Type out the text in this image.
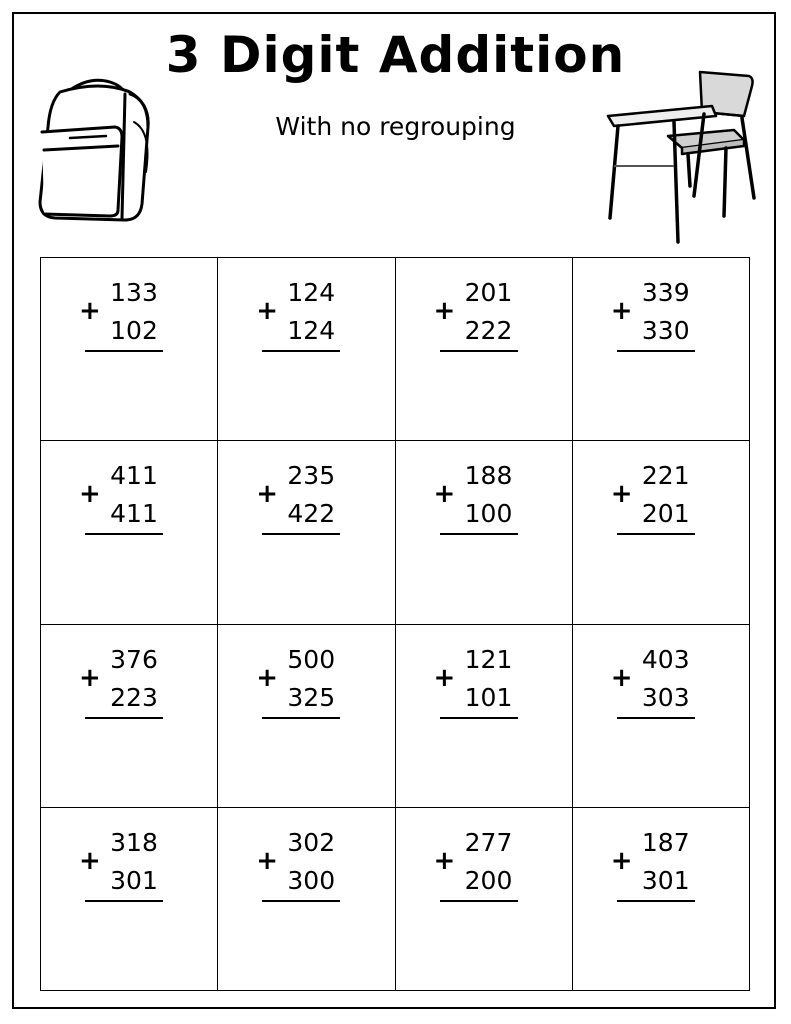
3 Digit Addition
With no regrouping
133
+
102
124
+
124
201
+
222
339
+
330
411
+
411
235
+
422
188
+
100
221
+
201
376
+
223
500
+
325
121
+
101
403
+
303
318
+
301
302
+
300
277
+
200
187
+
301
